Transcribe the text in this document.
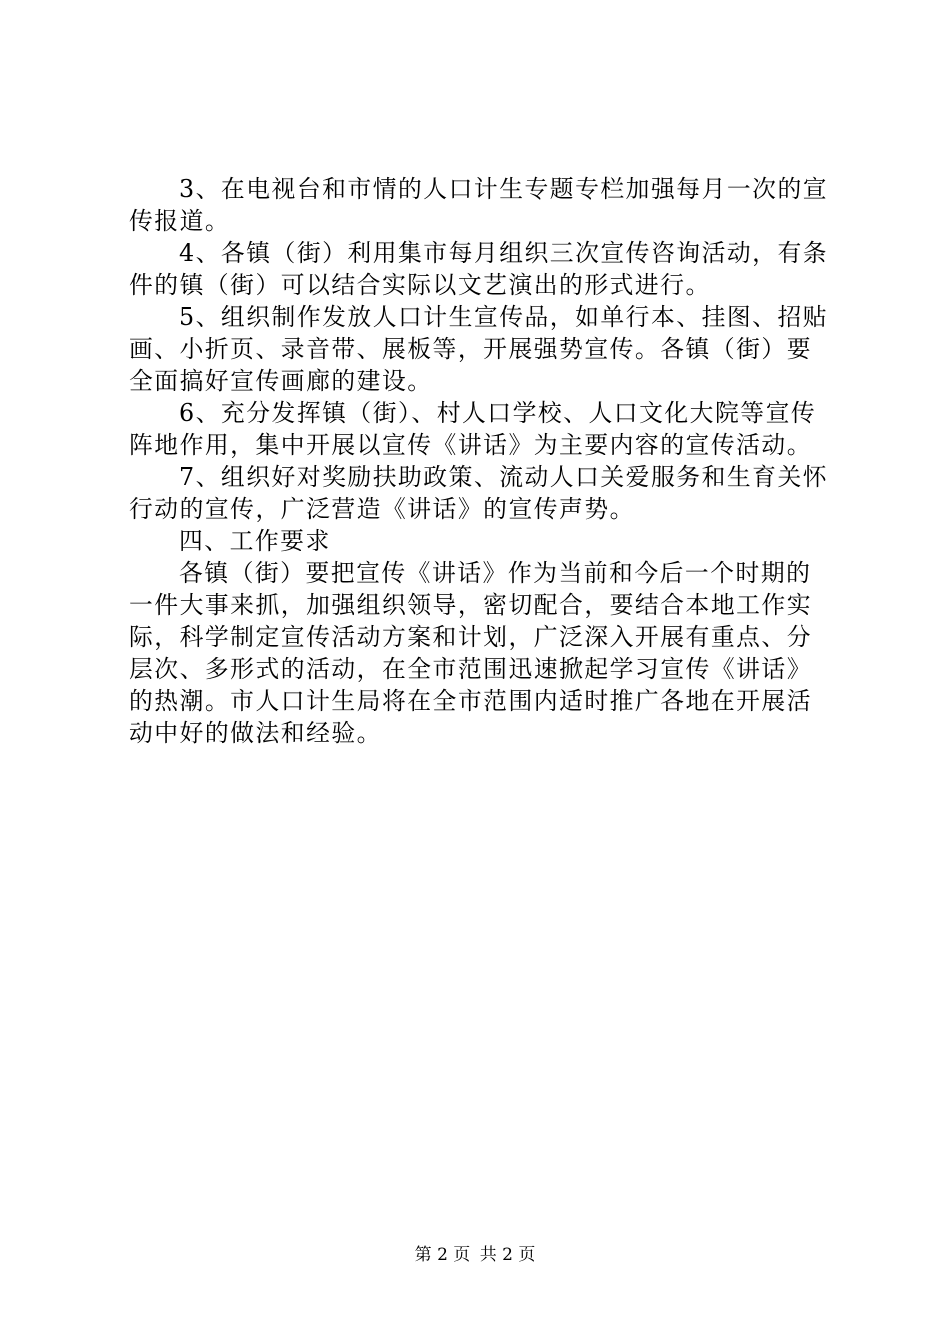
3、在电视台和市情的人口计生专题专栏加强每月一次的宣
传报道。

4、各镇（街）利用集市每月组织三次宣传咨询活动，有条
件的镇（街）可以结合实际以文艺演出的形式进行。

5、组织制作发放人口计生宣传品，如单行本、挂图、招贴
画、小折页、录音带、展板等，开展强势宣传。各镇（街）要
全面搞好宣传画廊的建设。

6、充分发挥镇（街）、村人口学校、人口文化大院等宣传
阵地作用，集中开展以宣传《讲话》为主要内容的宣传活动。

7、组织好对奖励扶助政策、流动人口关爱服务和生育关怀
行动的宣传，广泛营造《讲话》的宣传声势。

四、工作要求

各镇（街）要把宣传《讲话》作为当前和今后一个时期的
一件大事来抓，加强组织领导，密切配合，要结合本地工作实
际，科学制定宣传活动方案和计划，广泛深入开展有重点、分
层次、多形式的活动，在全市范围迅速掀起学习宣传《讲话》
的热潮。市人口计生局将在全市范围内适时推广各地在开展活
动中好的做法和经验。

第 2 页 共 2 页
